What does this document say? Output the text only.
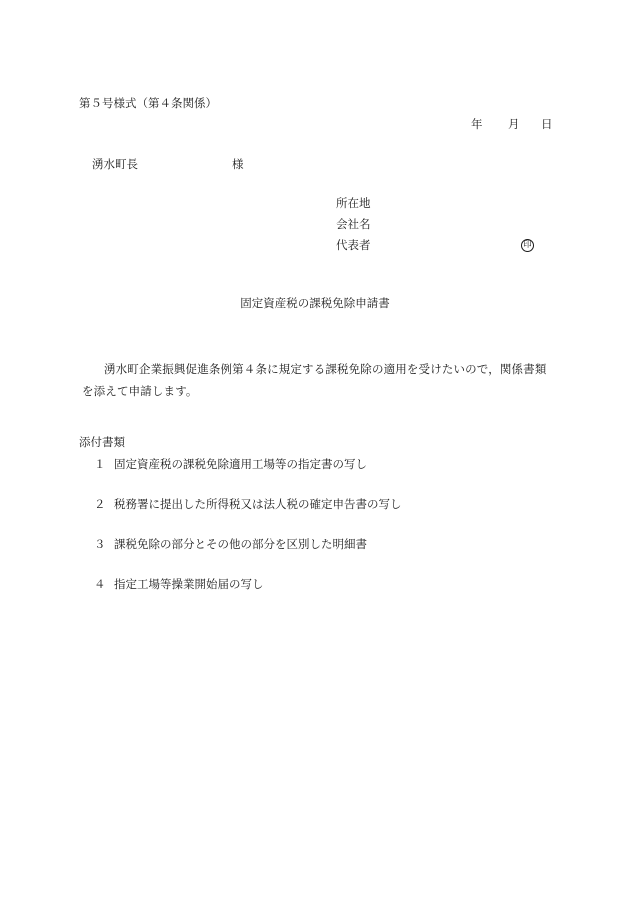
第５号様式（第４条関係）
年 月 日
湧水町長	様
所在地
会社名
代表者	印
固定資産税の課税免除申請書
湧水町企業振興促進条例第４条に規定する課税免除の適用を受けたいので，関係書類を添えて申請します。
添付書類
１ 固定資産税の課税免除適用工場等の指定書の写し
２ 税務署に提出した所得税又は法人税の確定申告書の写し
３ 課税免除の部分とその他の部分を区別した明細書
４ 指定工場等操業開始届の写し
